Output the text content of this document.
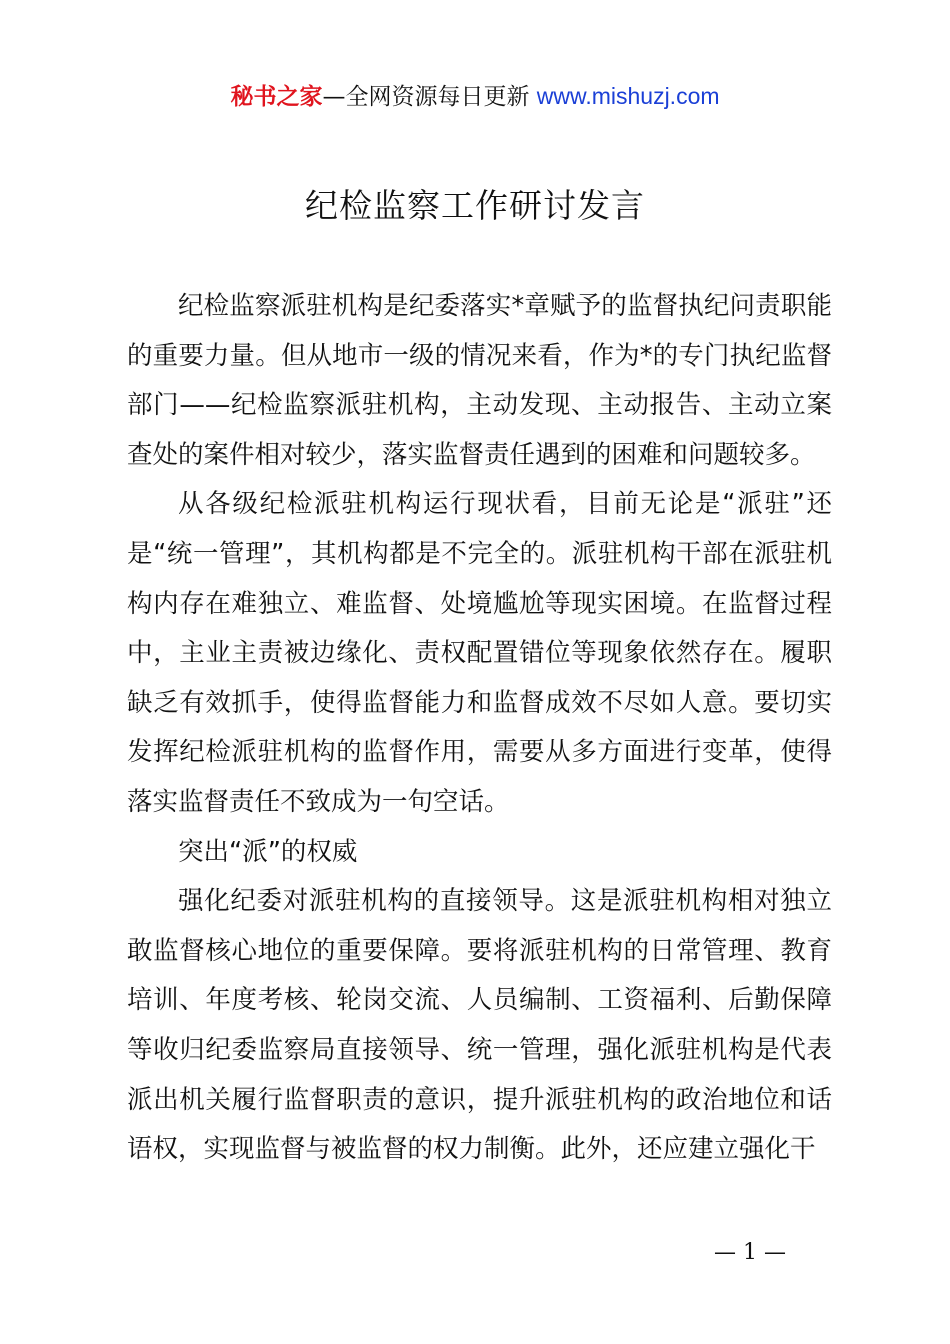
秘书之家—全网资源每日更新 www.mishuzj.com
纪检监察工作研讨发言

纪检监察派驻机构是纪委落实*章赋予的监督执纪问责职能的重要力量。但从地市一级的情况来看，作为*的专门执纪监督部门——纪检监察派驻机构，主动发现、主动报告、主动立案查处的案件相对较少，落实监督责任遇到的困难和问题较多。

从各级纪检派驻机构运行现状看，目前无论是“派驻”还是“统一管理”，其机构都是不完全的。派驻机构干部在派驻机构内存在难独立、难监督、处境尴尬等现实困境。在监督过程中，主业主责被边缘化、责权配置错位等现象依然存在。履职缺乏有效抓手，使得监督能力和监督成效不尽如人意。要切实发挥纪检派驻机构的监督作用，需要从多方面进行变革，使得落实监督责任不致成为一句空话。

突出“派”的权威

强化纪委对派驻机构的直接领导。这是派驻机构相对独立敢监督核心地位的重要保障。要将派驻机构的日常管理、教育培训、年度考核、轮岗交流、人员编制、工资福利、后勤保障等收归纪委监察局直接领导、统一管理，强化派驻机构是代表派出机关履行监督职责的意识，提升派驻机构的政治地位和话语权，实现监督与被监督的权力制衡。此外，还应建立强化干

— 1 —
